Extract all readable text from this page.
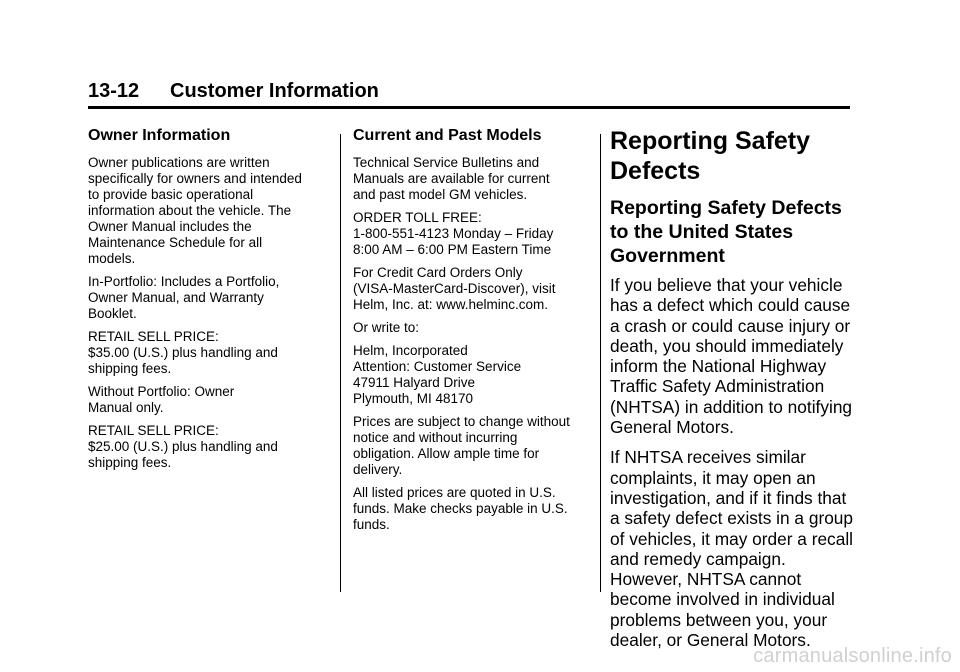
13-12 Customer Information
Owner Information

Owner publications are written
specifically for owners and intended
to provide basic operational
information about the vehicle. The
Owner Manual includes the
Maintenance Schedule for all
models.

In-Portfolio: Includes a Portfolio,
Owner Manual, and Warranty
Booklet.

RETAIL SELL PRICE:
$35.00 (U.S.) plus handling and
shipping fees.

Without Portfolio: Owner
Manual only.

RETAIL SELL PRICE:
$25.00 (U.S.) plus handling and
shipping fees.

Current and Past Models

Technical Service Bulletins and
Manuals are available for current
and past model GM vehicles.

ORDER TOLL FREE:
1-800-551-4123 Monday – Friday
8:00 AM – 6:00 PM Eastern Time

For Credit Card Orders Only
(VISA-MasterCard-Discover), visit
Helm, Inc. at: www.helminc.com.

Or write to:

Helm, Incorporated
Attention: Customer Service
47911 Halyard Drive
Plymouth, MI 48170

Prices are subject to change without
notice and without incurring
obligation. Allow ample time for
delivery.

All listed prices are quoted in U.S.
funds. Make checks payable in U.S.
funds.

Reporting Safety
Defects
Reporting Safety Defects
to the United States
Government

If you believe that your vehicle
has a defect which could cause
a crash or could cause injury or
death, you should immediately
inform the National Highway
Traffic Safety Administration
(NHTSA) in addition to notifying
General Motors.

If NHTSA receives similar
complaints, it may open an
investigation, and if it finds that
a safety defect exists in a group
of vehicles, it may order a recall
and remedy campaign.
However, NHTSA cannot
become involved in individual
problems between you, your
dealer, or General Motors.

carmanualsonline.info
